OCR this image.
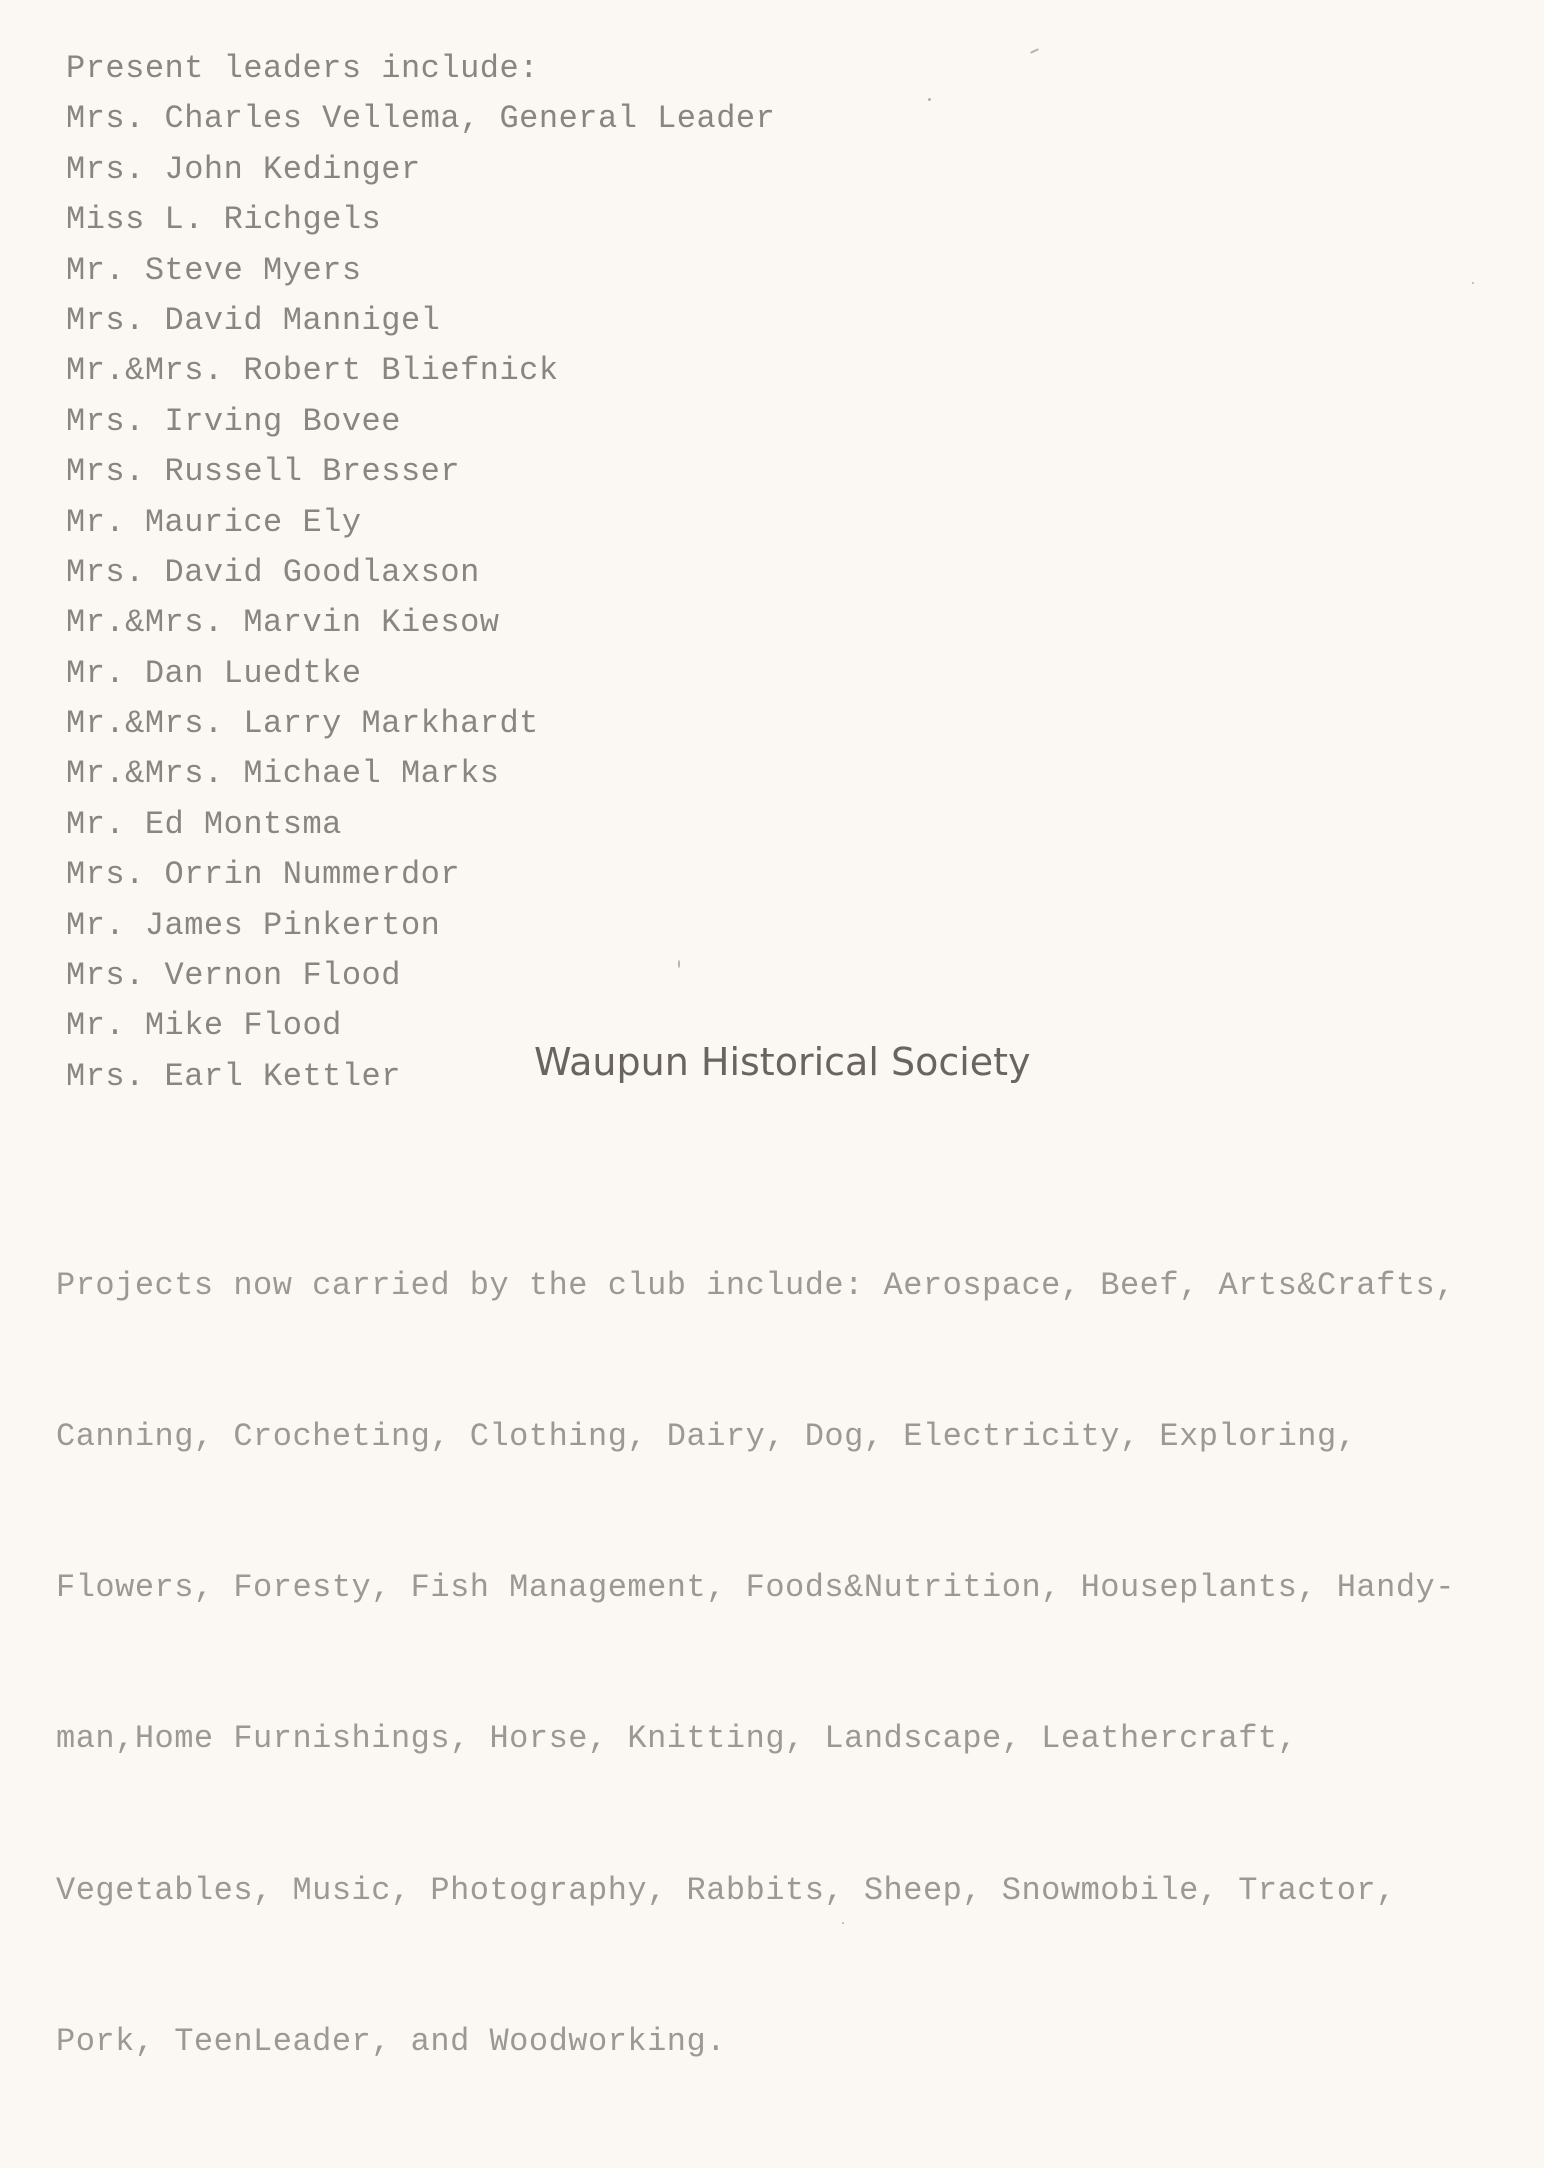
Present leaders include:
Mrs. Charles Vellema, General Leader
Mrs. John Kedinger
Miss L. Richgels
Mr. Steve Myers
Mrs. David Mannigel
Mr.&Mrs. Robert Bliefnick
Mrs. Irving Bovee
Mrs. Russell Bresser
Mr. Maurice Ely
Mrs. David Goodlaxson
Mr.&Mrs. Marvin Kiesow
Mr. Dan Luedtke
Mr.&Mrs. Larry Markhardt
Mr.&Mrs. Michael Marks
Mr. Ed Montsma
Mrs. Orrin Nummerdor
Mr. James Pinkerton
Mrs. Vernon Flood
Mr. Mike Flood
Mrs. Earl Kettler	Waupun Historical Society

Projects now carried by the club include: Aerospace, Beef, Arts&Crafts,

Canning, Crocheting, Clothing, Dairy, Dog, Electricity, Exploring,

Flowers, Foresty, Fish Management, Foods&Nutrition, Houseplants, Handy-

man,Home Furnishings, Horse, Knitting, Landscape, Leathercraft,

Vegetables, Music, Photography, Rabbits, Sheep, Snowmobile, Tractor,

Pork, TeenLeader, and Woodworking.
